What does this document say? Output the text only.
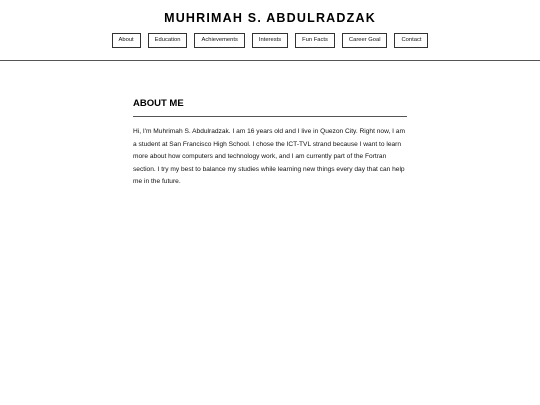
MUHRIMAH S. ABDULRADZAK
About	Education	Achievements	Interests	Fun Facts	Career Goal	Contact
ABOUT ME

Hi, I'm Muhrimah S. Abdulradzak. I am 16 years old and I live in Quezon City. Right now, I am a student at San Francisco High School. I chose the ICT-TVL strand because I want to learn more about how computers and technology work, and I am currently part of the Fortran section. I try my best to balance my studies while learning new things every day that can help me in the future.
